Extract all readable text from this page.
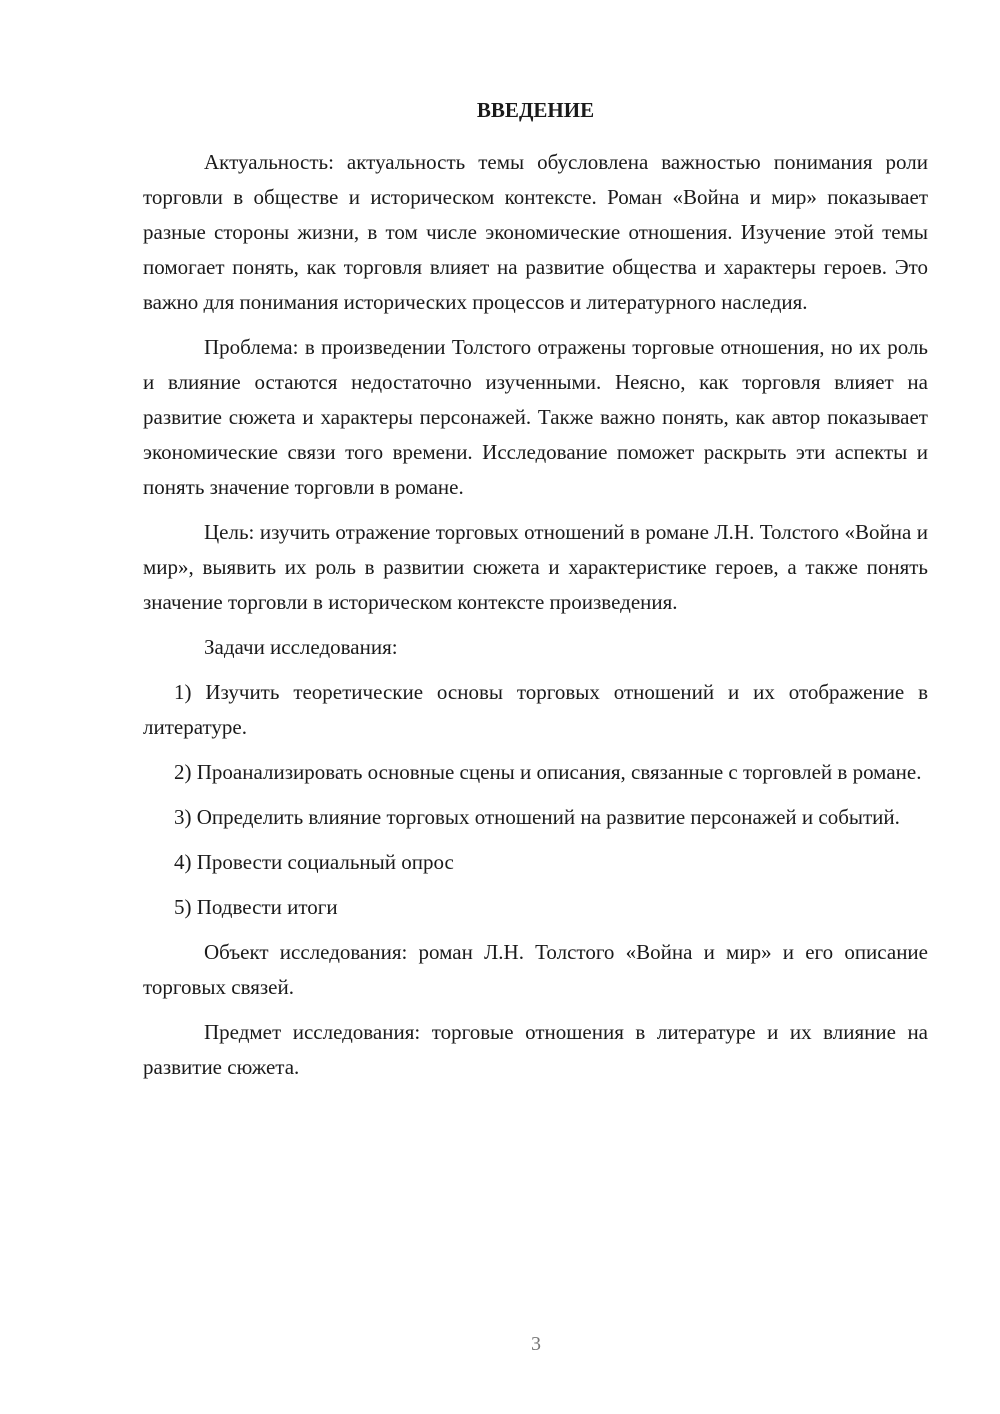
ВВЕДЕНИЕ

Актуальность: актуальность темы обусловлена важностью понимания роли торговли в обществе и историческом контексте. Роман «Война и мир» показывает разные стороны жизни, в том числе экономические отношения. Изучение этой темы помогает понять, как торговля влияет на развитие общества и характеры героев. Это важно для понимания исторических процессов и литературного наследия.

Проблема: в произведении Толстого отражены торговые отношения, но их роль и влияние остаются недостаточно изученными. Неясно, как торговля влияет на развитие сюжета и характеры персонажей. Также важно понять, как автор показывает экономические связи того времени. Исследование поможет раскрыть эти аспекты и понять значение торговли в романе.

Цель: изучить отражение торговых отношений в романе Л.Н. Толстого «Война и мир», выявить их роль в развитии сюжета и характеристике героев, а также понять значение торговли в историческом контексте произведения.

Задачи исследования:

1) Изучить теоретические основы торговых отношений и их отображение в литературе.

2) Проанализировать основные сцены и описания, связанные с торговлей в романе.

3) Определить влияние торговых отношений на развитие персонажей и событий.

4) Провести социальный опрос

5) Подвести итоги

Объект исследования: роман Л.Н. Толстого «Война и мир» и его описание торговых связей.

Предмет исследования: торговые отношения в литературе и их влияние на развитие сюжета.

3
